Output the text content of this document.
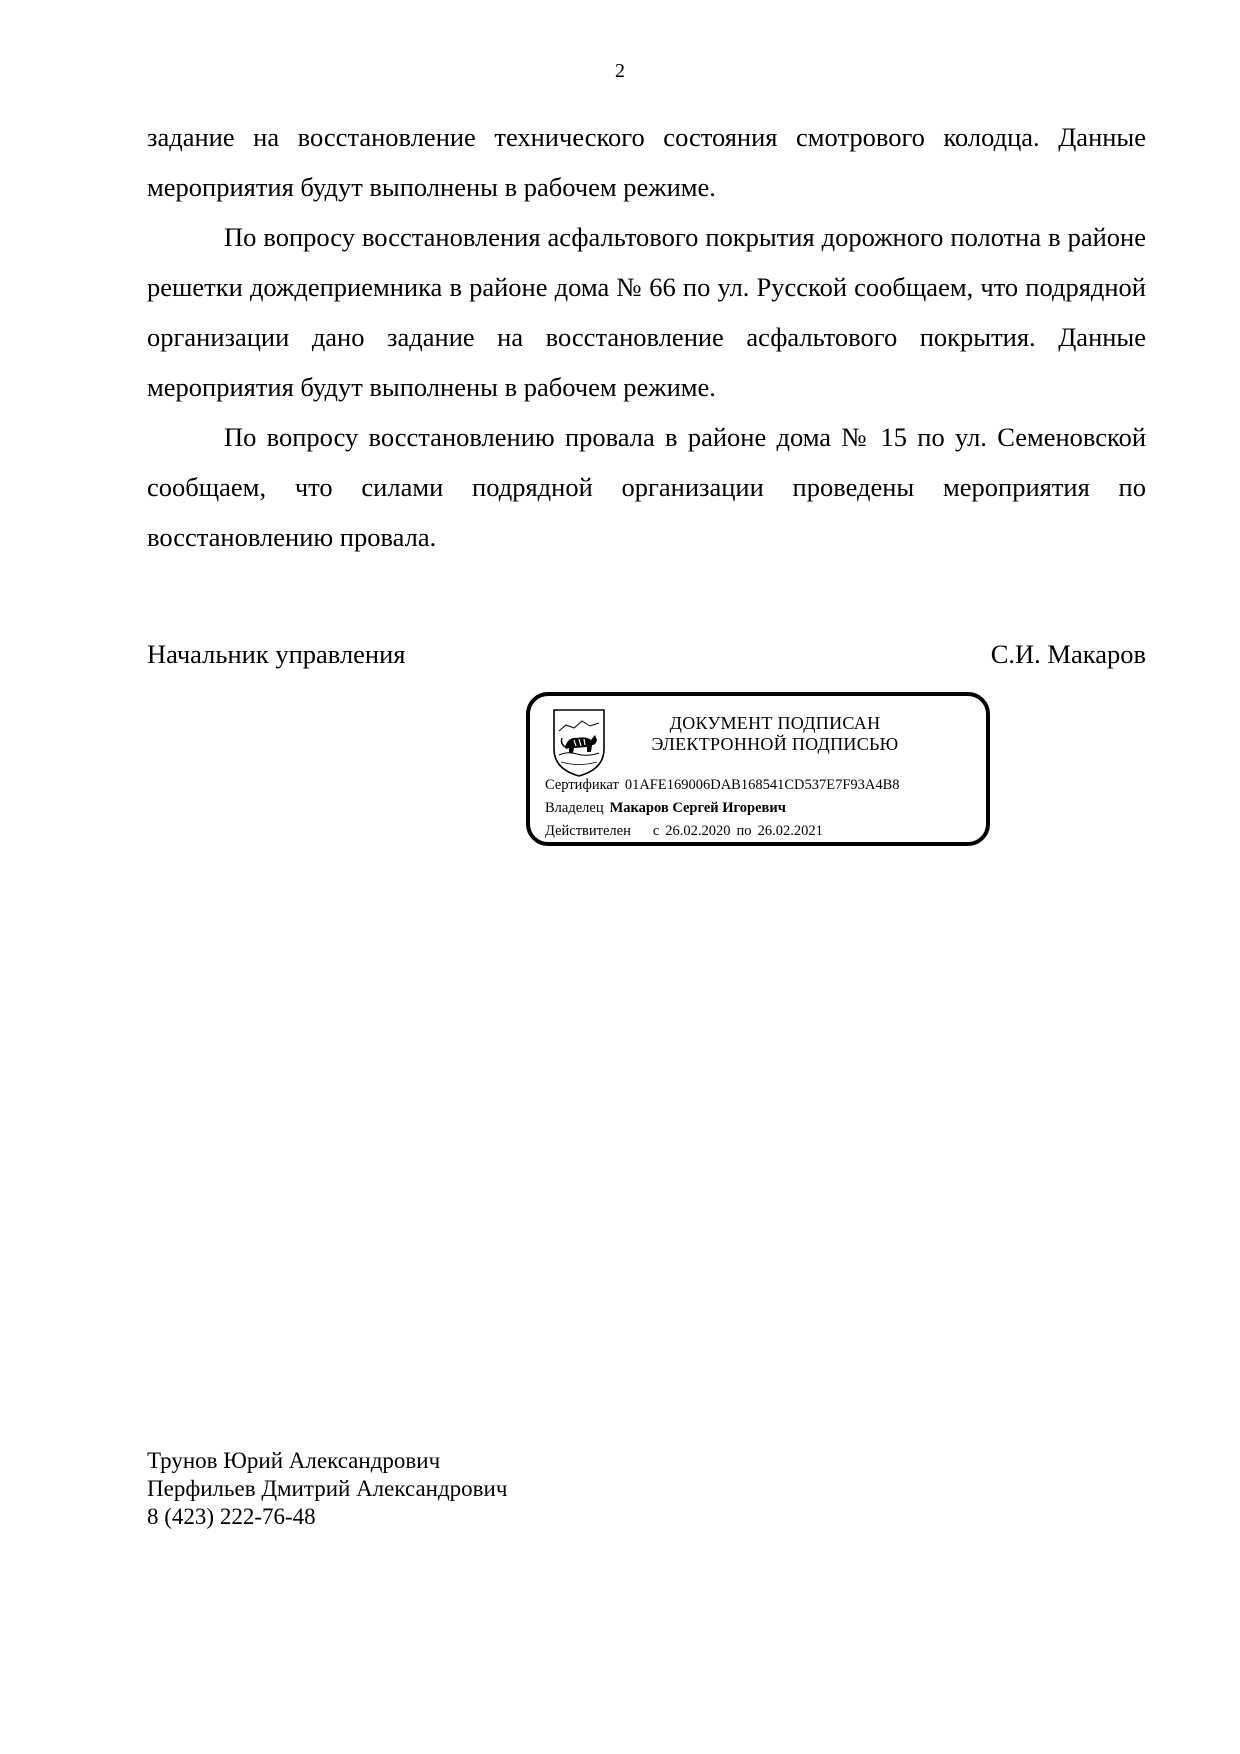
2

задание на восстановление технического состояния смотрового колодца. Данные мероприятия будут выполнены в рабочем режиме.

По вопросу восстановления асфальтового покрытия дорожного полотна в районе решетки дождеприемника в районе дома № 66 по ул. Русской сообщаем, что подрядной организации дано задание на восстановление асфальтового покрытия. Данные мероприятия будут выполнены в рабочем режиме.

По вопросу восстановлению провала в районе дома № 15 по ул. Семеновской сообщаем, что силами подрядной организации проведены мероприятия по восстановлению провала.

Начальник управления	С.И. Макаров
ДОКУМЕНТ ПОДПИСАН
ЭЛЕКТРОННОЙ ПОДПИСЬЮ
Сертификат 01AFE169006DAB168541CD537E7F93A4B8
Владелец Макаров Сергей Игоревич
Действителен с 26.02.2020 по 26.02.2021
Трунов Юрий Александрович
Перфильев Дмитрий Александрович
8 (423) 222-76-48
